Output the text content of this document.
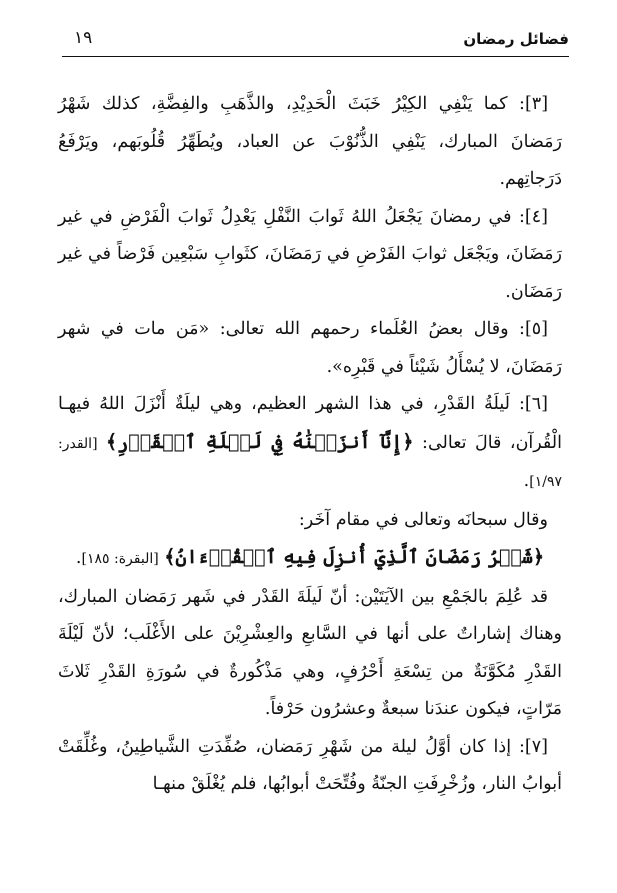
فضائل رمضان
١٩

[٣]: كما يَنْفِي الكِيْرُ خَبَثَ الْحَدِيْدِ، والذَّهَبِ والفِضَّةِ، كذلك شَهْرُ رَمَضانَ المبارك، يَنْفِي الذُّنُوْبَ عن العباد، ويُطَهِّرُ قُلُوبَهم، ويَرْفَعُ دَرَجاتِهم.

[٤]: في رمضانَ يَجْعَلُ اللهُ ثَوابَ النَّفْلِ يَعْدِلُ ثَوابَ الْفَرْضِ في غير رَمَضَانَ، ويَجْعَل ثوابَ الفَرْضِ في رَمَضَانَ، كثَوابِ سَبْعِين فَرْضاً في غير رَمَضَان.

[٥]: وقال بعضُ العُلَماء رحمهم الله تعالى: «مَن مات في شهر رَمَضَانَ، لا يُسْأَلُ شَيْئاً في قَبْرِه».

[٦]: لَيلَةُ القَدْرِ، في هذا الشهر العظيم، وهي ليلَةٌ أَنْزَلَ اللهُ فيهـا الْقُرآن، قالَ تعالى: ﴿إِنَّآ أَنزَلۡنَٰهُ فِي لَيۡلَةِ ٱلۡقَدۡرِ﴾ [القدر: ١/٩٧].

وقال سبحانَه وتعالى في مقام آخَر:

﴿شَهۡرُ رَمَضَانَ ٱلَّذِيٓ أُنزِلَ فِيهِ ٱلۡقُرۡءَانُ﴾ [البقرة: ١٨٥].

قد عُلِمَ بالجَمْعِ بين الآيَتَيْن: أنّ لَيلَةَ القَدْر في شَهر رَمَضان المبارك، وهناك إشاراتٌ على أنها في السَّابعِ والعِشْرِيْنَ على الأَغْلَب؛ لأنّ لَيْلَةَ القَدْرِ مُكَوَّنَةٌ من تِسْعَةِ أَحْرُفٍ، وهي مَذْكُورةٌ في سُورَةِ القَدْرِ ثَلاثَ مَرّاتٍ، فيكون عندَنا سبعةٌ وعشرُون حَرْفاً.

[٧]: إذا كان أوَّلُ ليلة من شَهْرِ رَمَضان، صُفِّدَتِ الشَّياطِينُ، وغُلِّقَتْ أبوابُ النار، وزُخْرِفَتِ الجنّةُ وفُتِّحَتْ أبوابُها، فلم يُغْلَقْ منهـا
